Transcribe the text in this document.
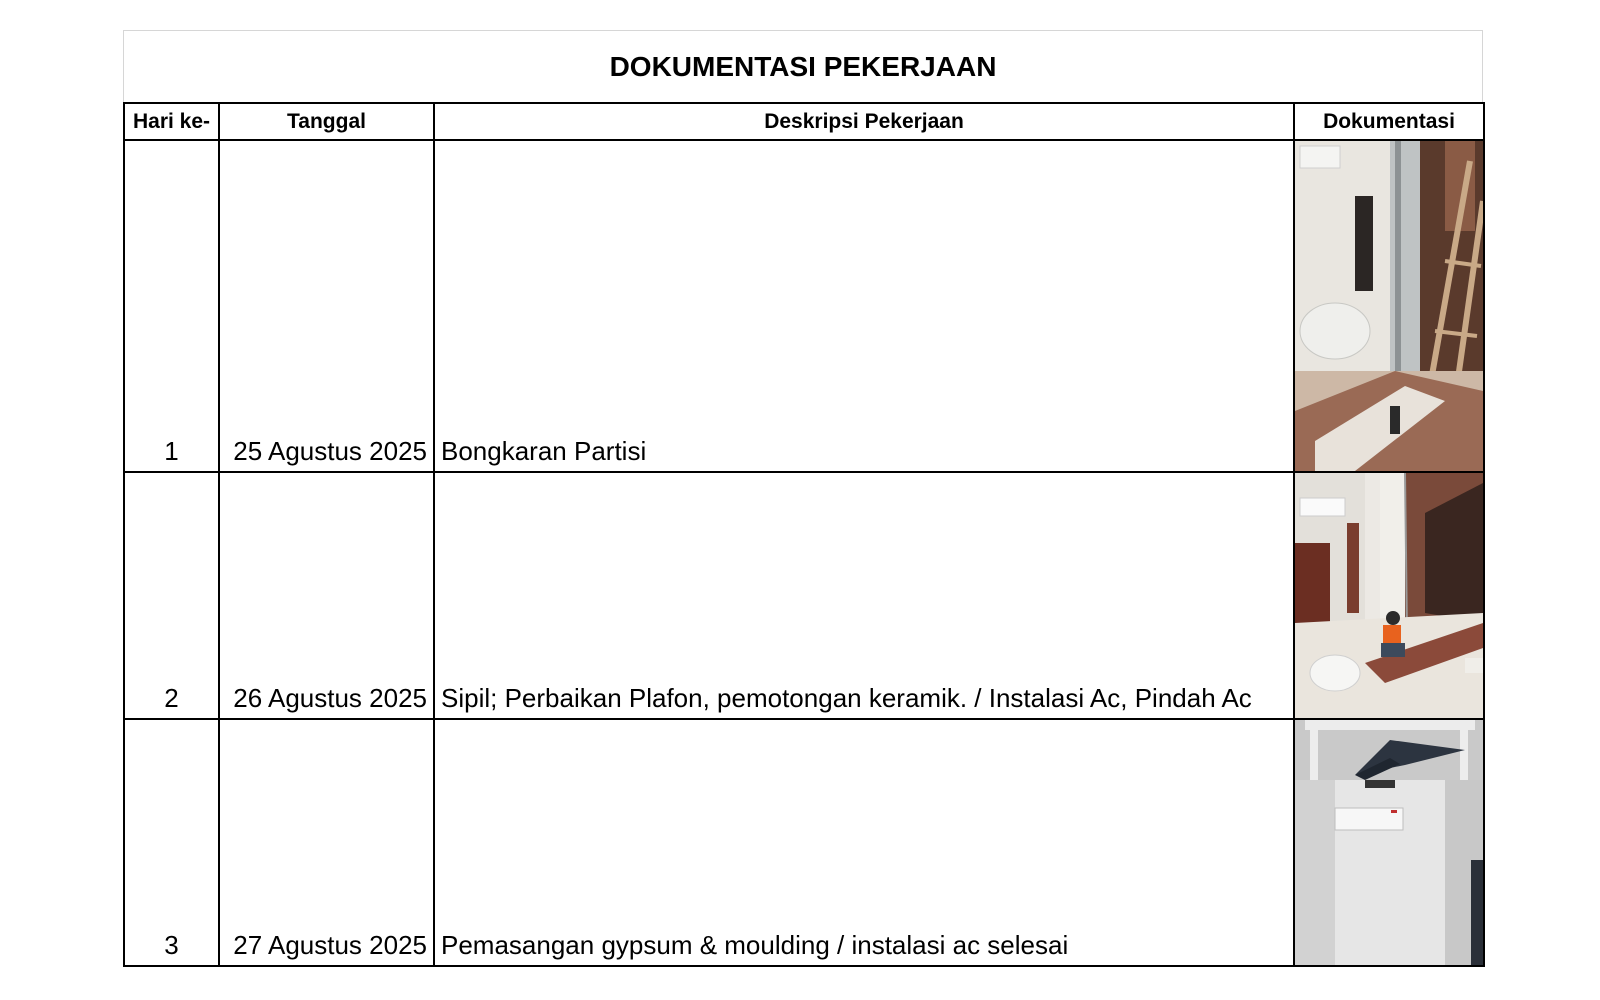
DOKUMENTASI PEKERJAAN
Hari ke-	Tanggal	Deskripsi Pekerjaan	Dokumentasi
1	25 Agustus 2025	Bongkaran Partisi	

2	26 Agustus 2025	Sipil; Perbaikan Plafon, pemotongan keramik. / Instalasi Ac, Pindah Ac	

3	27 Agustus 2025	Pemasangan gypsum & moulding / instalasi ac selesai	
